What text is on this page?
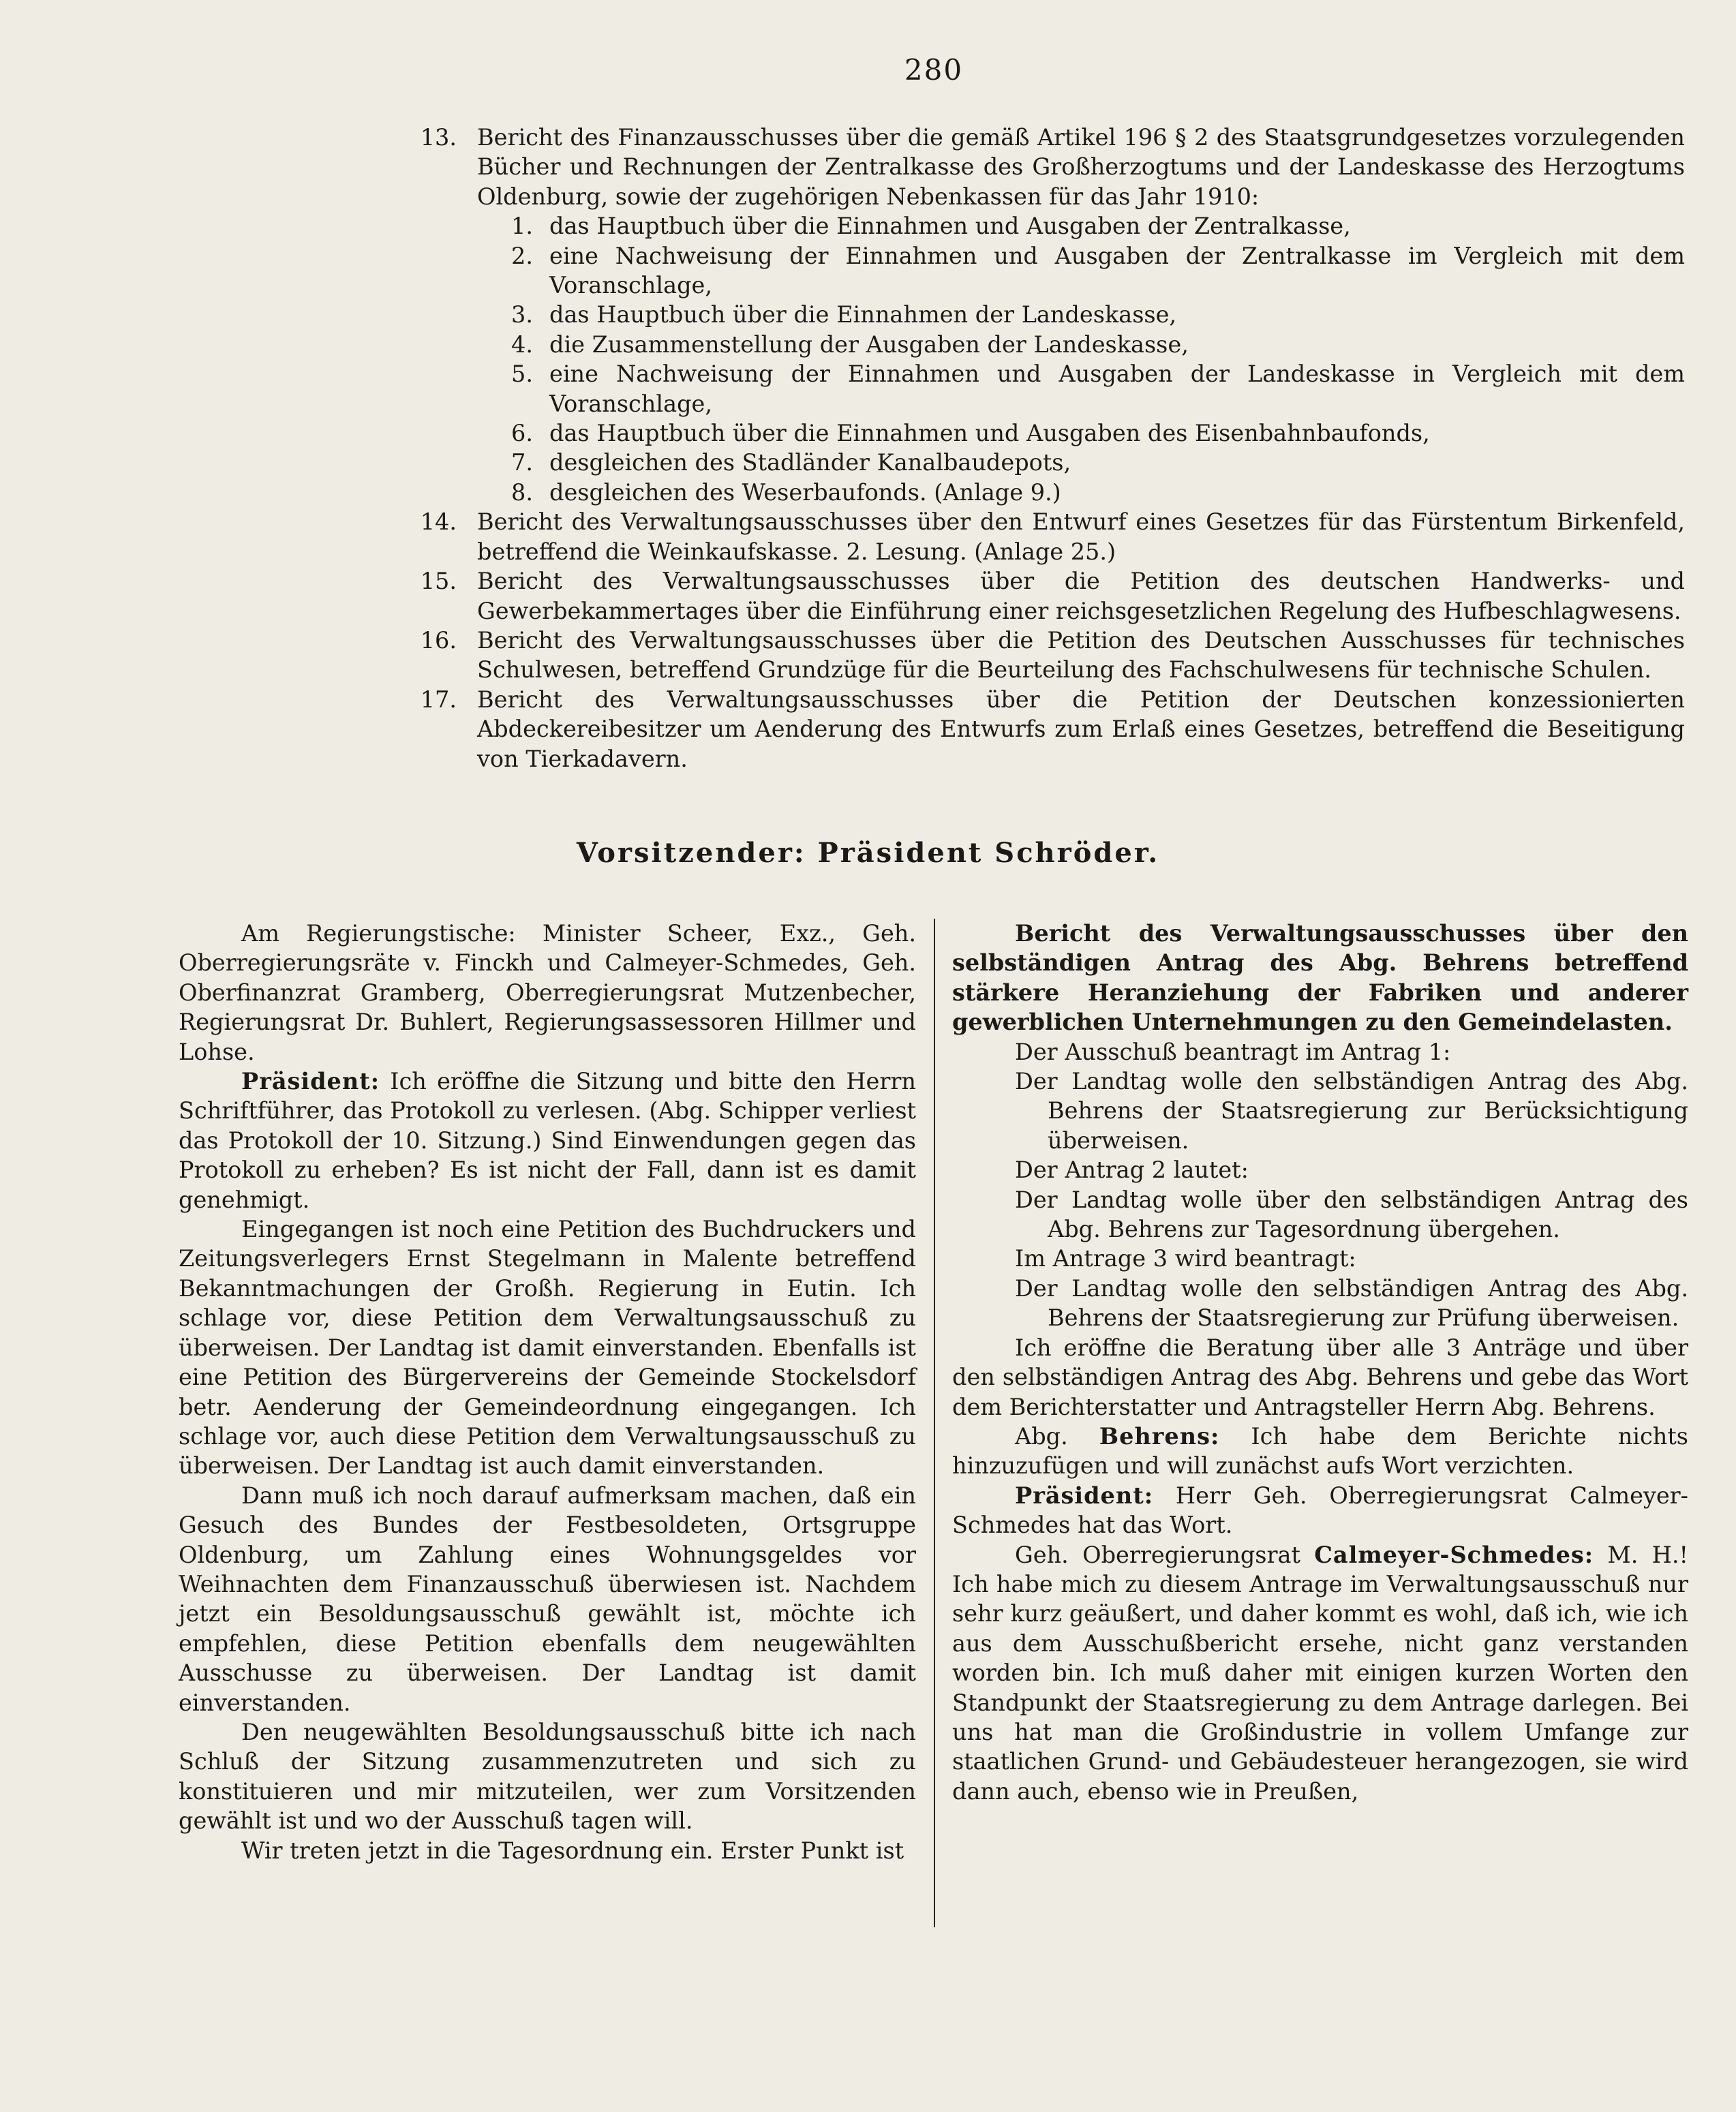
280
13. Bericht des Finanzausschusses über die gemäß Artikel 196 § 2 des Staatsgrundgesetzes vorzulegenden Bücher und Rechnungen der Zentralkasse des Großherzogtums und der Landeskasse des Herzogtums Oldenburg, sowie der zugehörigen Nebenkassen für das Jahr 1910:
1. das Hauptbuch über die Einnahmen und Ausgaben der Zentralkasse,
2. eine Nachweisung der Einnahmen und Ausgaben der Zentralkasse im Vergleich mit dem Voranschlage,
3. das Hauptbuch über die Einnahmen der Landeskasse,
4. die Zusammenstellung der Ausgaben der Landeskasse,
5. eine Nachweisung der Einnahmen und Ausgaben der Landeskasse in Vergleich mit dem Voranschlage,
6. das Hauptbuch über die Einnahmen und Ausgaben des Eisenbahnbaufonds,
7. desgleichen des Stadländer Kanalbaudepots,
8. desgleichen des Weserbaufonds. (Anlage 9.)
14. Bericht des Verwaltungsausschusses über den Entwurf eines Gesetzes für das Fürstentum Birkenfeld, betreffend die Weinkaufskasse. 2. Lesung. (Anlage 25.)
15. Bericht des Verwaltungsausschusses über die Petition des deutschen Handwerks- und Gewerbekammertages über die Einführung einer reichsgesetzlichen Regelung des Hufbeschlagwesens.
16. Bericht des Verwaltungsausschusses über die Petition des Deutschen Ausschusses für technisches Schulwesen, betreffend Grundzüge für die Beurteilung des Fachschulwesens für technische Schulen.
17. Bericht des Verwaltungsausschusses über die Petition der Deutschen konzessionierten Abdeckereibesitzer um Aenderung des Entwurfs zum Erlaß eines Gesetzes, betreffend die Beseitigung von Tierkadavern.
Vorsitzender: Präsident Schröder.

Am Regierungstische: Minister Scheer, Exz., Geh. Oberregierungsräte v. Finckh und Calmeyer-Schmedes, Geh. Oberfinanzrat Gramberg, Oberregierungsrat Mutzenbecher, Regierungsrat Dr. Buhlert, Regierungsassessoren Hillmer und Lohse.

Präsident: Ich eröffne die Sitzung und bitte den Herrn Schriftführer, das Protokoll zu verlesen. (Abg. Schipper verliest das Protokoll der 10. Sitzung.) Sind Einwendungen gegen das Protokoll zu erheben? Es ist nicht der Fall, dann ist es damit genehmigt.

Eingegangen ist noch eine Petition des Buchdruckers und Zeitungsverlegers Ernst Stegelmann in Malente betreffend Bekanntmachungen der Großh. Regierung in Eutin. Ich schlage vor, diese Petition dem Verwaltungsausschuß zu überweisen. Der Landtag ist damit einverstanden. Ebenfalls ist eine Petition des Bürgervereins der Gemeinde Stockelsdorf betr. Aenderung der Gemeindeordnung eingegangen. Ich schlage vor, auch diese Petition dem Verwaltungsausschuß zu überweisen. Der Landtag ist auch damit einverstanden.

Dann muß ich noch darauf aufmerksam machen, daß ein Gesuch des Bundes der Festbesoldeten, Ortsgruppe Oldenburg, um Zahlung eines Wohnungsgeldes vor Weihnachten dem Finanzausschuß überwiesen ist. Nachdem jetzt ein Besoldungsausschuß gewählt ist, möchte ich empfehlen, diese Petition ebenfalls dem neugewählten Ausschusse zu überweisen. Der Landtag ist damit einverstanden.

Den neugewählten Besoldungsausschuß bitte ich nach Schluß der Sitzung zusammenzutreten und sich zu konstituieren und mir mitzuteilen, wer zum Vorsitzenden gewählt ist und wo der Ausschuß tagen will.

Wir treten jetzt in die Tagesordnung ein. Erster Punkt ist

Bericht des Verwaltungsausschusses über den selbständigen Antrag des Abg. Behrens betreffend stärkere Heranziehung der Fabriken und anderer gewerblichen Unternehmungen zu den Gemeindelasten.

Der Ausschuß beantragt im Antrag 1:

Der Landtag wolle den selbständigen Antrag des Abg. Behrens der Staatsregierung zur Berücksichtigung überweisen.

Der Antrag 2 lautet:

Der Landtag wolle über den selbständigen Antrag des Abg. Behrens zur Tagesordnung übergehen.

Im Antrage 3 wird beantragt:

Der Landtag wolle den selbständigen Antrag des Abg. Behrens der Staatsregierung zur Prüfung überweisen.

Ich eröffne die Beratung über alle 3 Anträge und über den selbständigen Antrag des Abg. Behrens und gebe das Wort dem Berichterstatter und Antragsteller Herrn Abg. Behrens.

Abg. Behrens: Ich habe dem Berichte nichts hinzuzufügen und will zunächst aufs Wort verzichten.

Präsident: Herr Geh. Oberregierungsrat Calmeyer-Schmedes hat das Wort.

Geh. Oberregierungsrat Calmeyer-Schmedes: M. H.! Ich habe mich zu diesem Antrage im Verwaltungsausschuß nur sehr kurz geäußert, und daher kommt es wohl, daß ich, wie ich aus dem Ausschußbericht ersehe, nicht ganz verstanden worden bin. Ich muß daher mit einigen kurzen Worten den Standpunkt der Staatsregierung zu dem Antrage darlegen. Bei uns hat man die Großindustrie in vollem Umfange zur staatlichen Grund- und Gebäudesteuer herangezogen, sie wird dann auch, ebenso wie in Preußen,
